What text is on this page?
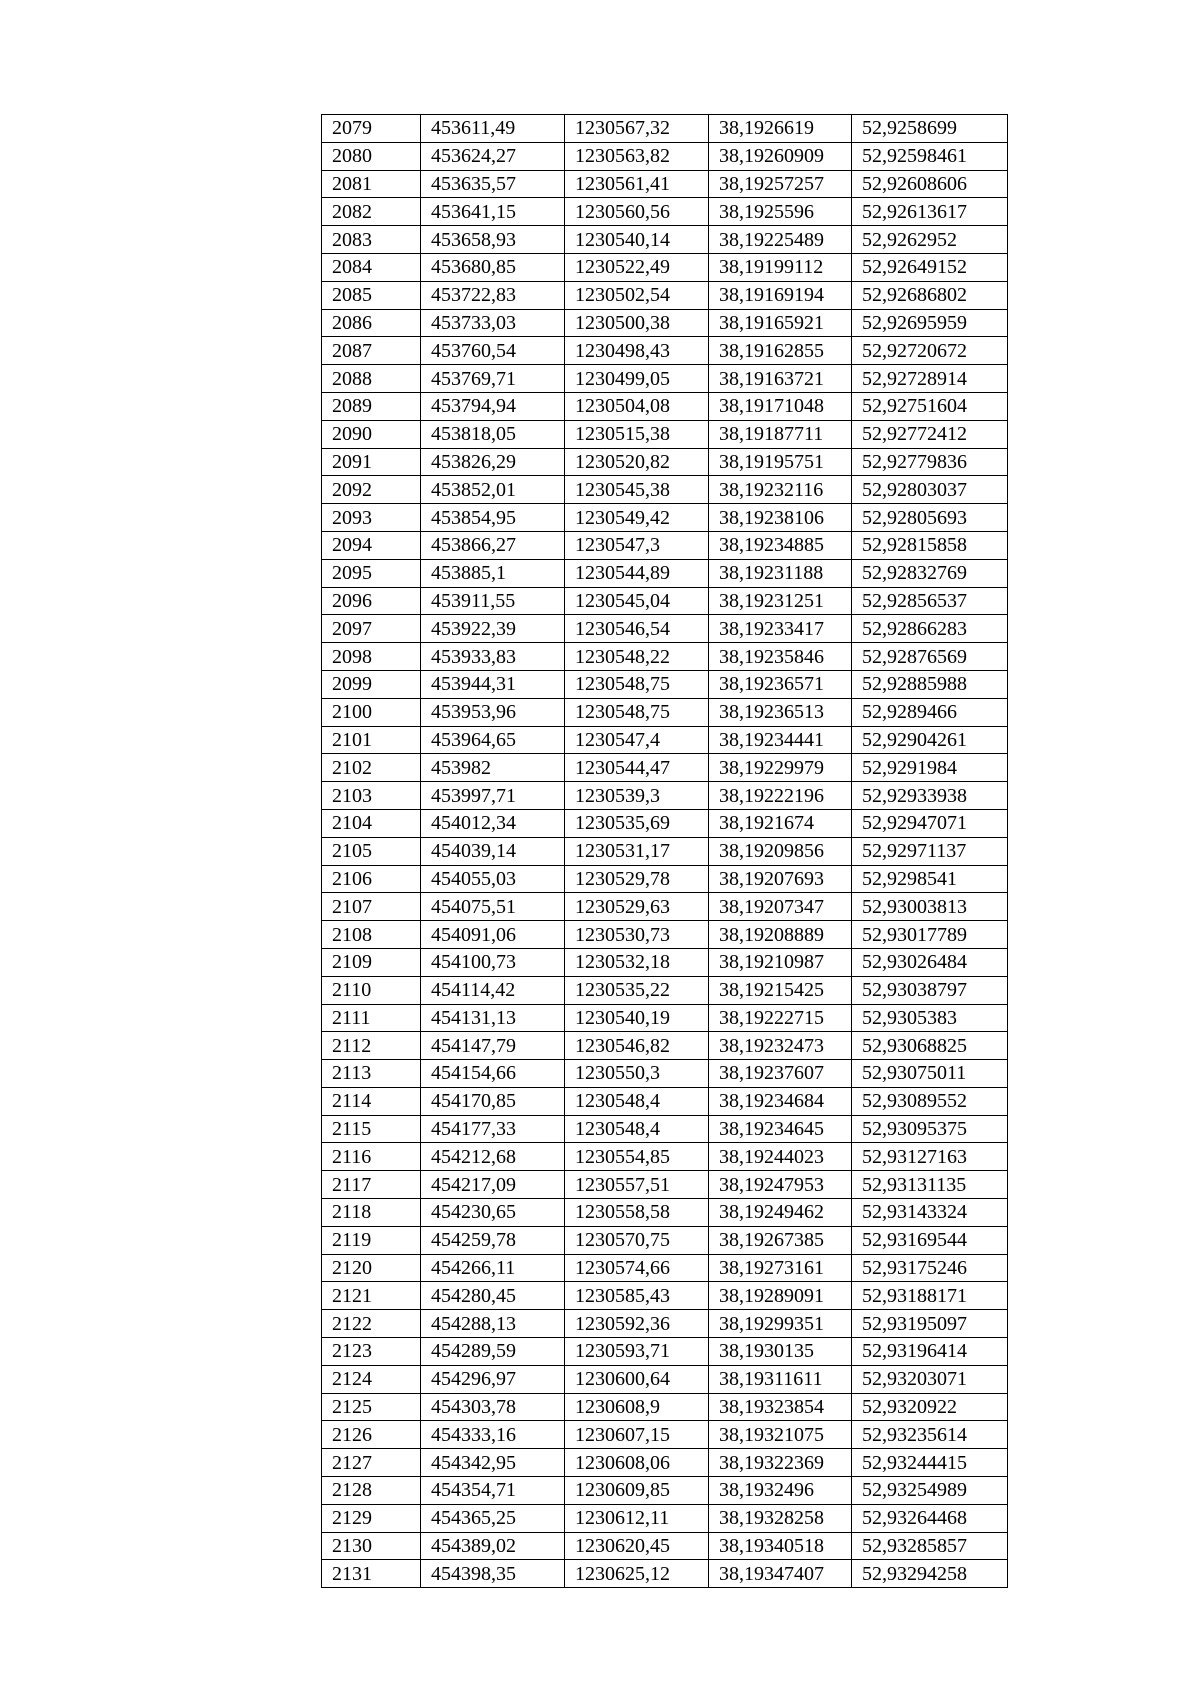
2079	453611,49	1230567,32	38,1926619	52,9258699
2080	453624,27	1230563,82	38,19260909	52,92598461
2081	453635,57	1230561,41	38,19257257	52,92608606
2082	453641,15	1230560,56	38,1925596	52,92613617
2083	453658,93	1230540,14	38,19225489	52,9262952
2084	453680,85	1230522,49	38,19199112	52,92649152
2085	453722,83	1230502,54	38,19169194	52,92686802
2086	453733,03	1230500,38	38,19165921	52,92695959
2087	453760,54	1230498,43	38,19162855	52,92720672
2088	453769,71	1230499,05	38,19163721	52,92728914
2089	453794,94	1230504,08	38,19171048	52,92751604
2090	453818,05	1230515,38	38,19187711	52,92772412
2091	453826,29	1230520,82	38,19195751	52,92779836
2092	453852,01	1230545,38	38,19232116	52,92803037
2093	453854,95	1230549,42	38,19238106	52,92805693
2094	453866,27	1230547,3	38,19234885	52,92815858
2095	453885,1	1230544,89	38,19231188	52,92832769
2096	453911,55	1230545,04	38,19231251	52,92856537
2097	453922,39	1230546,54	38,19233417	52,92866283
2098	453933,83	1230548,22	38,19235846	52,92876569
2099	453944,31	1230548,75	38,19236571	52,92885988
2100	453953,96	1230548,75	38,19236513	52,9289466
2101	453964,65	1230547,4	38,19234441	52,92904261
2102	453982	1230544,47	38,19229979	52,9291984
2103	453997,71	1230539,3	38,19222196	52,92933938
2104	454012,34	1230535,69	38,1921674	52,92947071
2105	454039,14	1230531,17	38,19209856	52,92971137
2106	454055,03	1230529,78	38,19207693	52,9298541
2107	454075,51	1230529,63	38,19207347	52,93003813
2108	454091,06	1230530,73	38,19208889	52,93017789
2109	454100,73	1230532,18	38,19210987	52,93026484
2110	454114,42	1230535,22	38,19215425	52,93038797
2111	454131,13	1230540,19	38,19222715	52,9305383
2112	454147,79	1230546,82	38,19232473	52,93068825
2113	454154,66	1230550,3	38,19237607	52,93075011
2114	454170,85	1230548,4	38,19234684	52,93089552
2115	454177,33	1230548,4	38,19234645	52,93095375
2116	454212,68	1230554,85	38,19244023	52,93127163
2117	454217,09	1230557,51	38,19247953	52,93131135
2118	454230,65	1230558,58	38,19249462	52,93143324
2119	454259,78	1230570,75	38,19267385	52,93169544
2120	454266,11	1230574,66	38,19273161	52,93175246
2121	454280,45	1230585,43	38,19289091	52,93188171
2122	454288,13	1230592,36	38,19299351	52,93195097
2123	454289,59	1230593,71	38,1930135	52,93196414
2124	454296,97	1230600,64	38,19311611	52,93203071
2125	454303,78	1230608,9	38,19323854	52,9320922
2126	454333,16	1230607,15	38,19321075	52,93235614
2127	454342,95	1230608,06	38,19322369	52,93244415
2128	454354,71	1230609,85	38,1932496	52,93254989
2129	454365,25	1230612,11	38,19328258	52,93264468
2130	454389,02	1230620,45	38,19340518	52,93285857
2131	454398,35	1230625,12	38,19347407	52,93294258
